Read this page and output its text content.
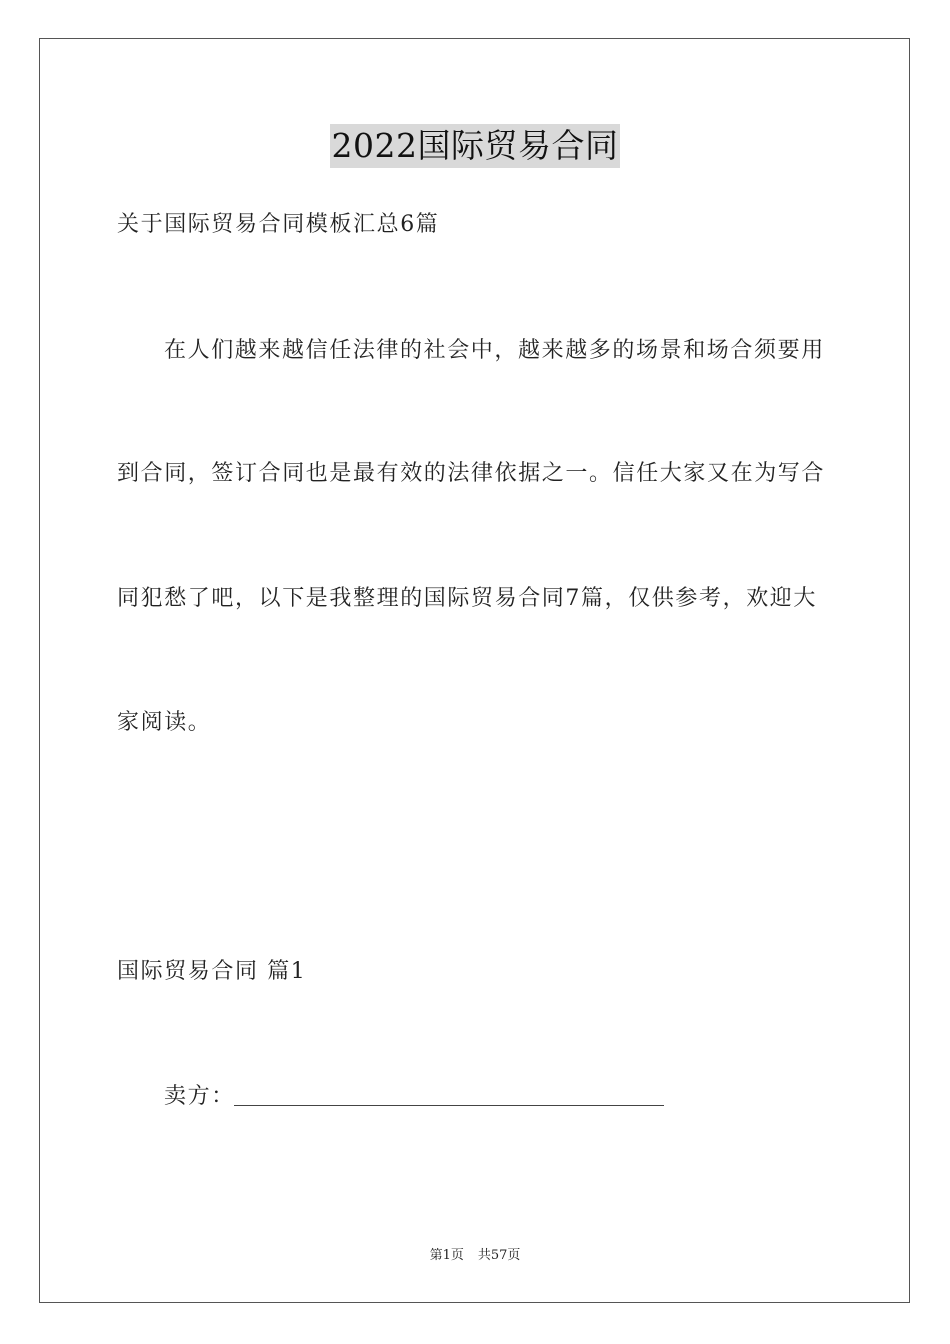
2022国际贸易合同
关于国际贸易合同模板汇总6篇
在人们越来越信任法律的社会中，越来越多的场景和场合须要用
到合同，签订合同也是最有效的法律依据之一。信任大家又在为写合
同犯愁了吧，以下是我整理的国际贸易合同7篇，仅供参考，欢迎大
家阅读。
国际贸易合同 篇1
卖方：
第1页 共57页
